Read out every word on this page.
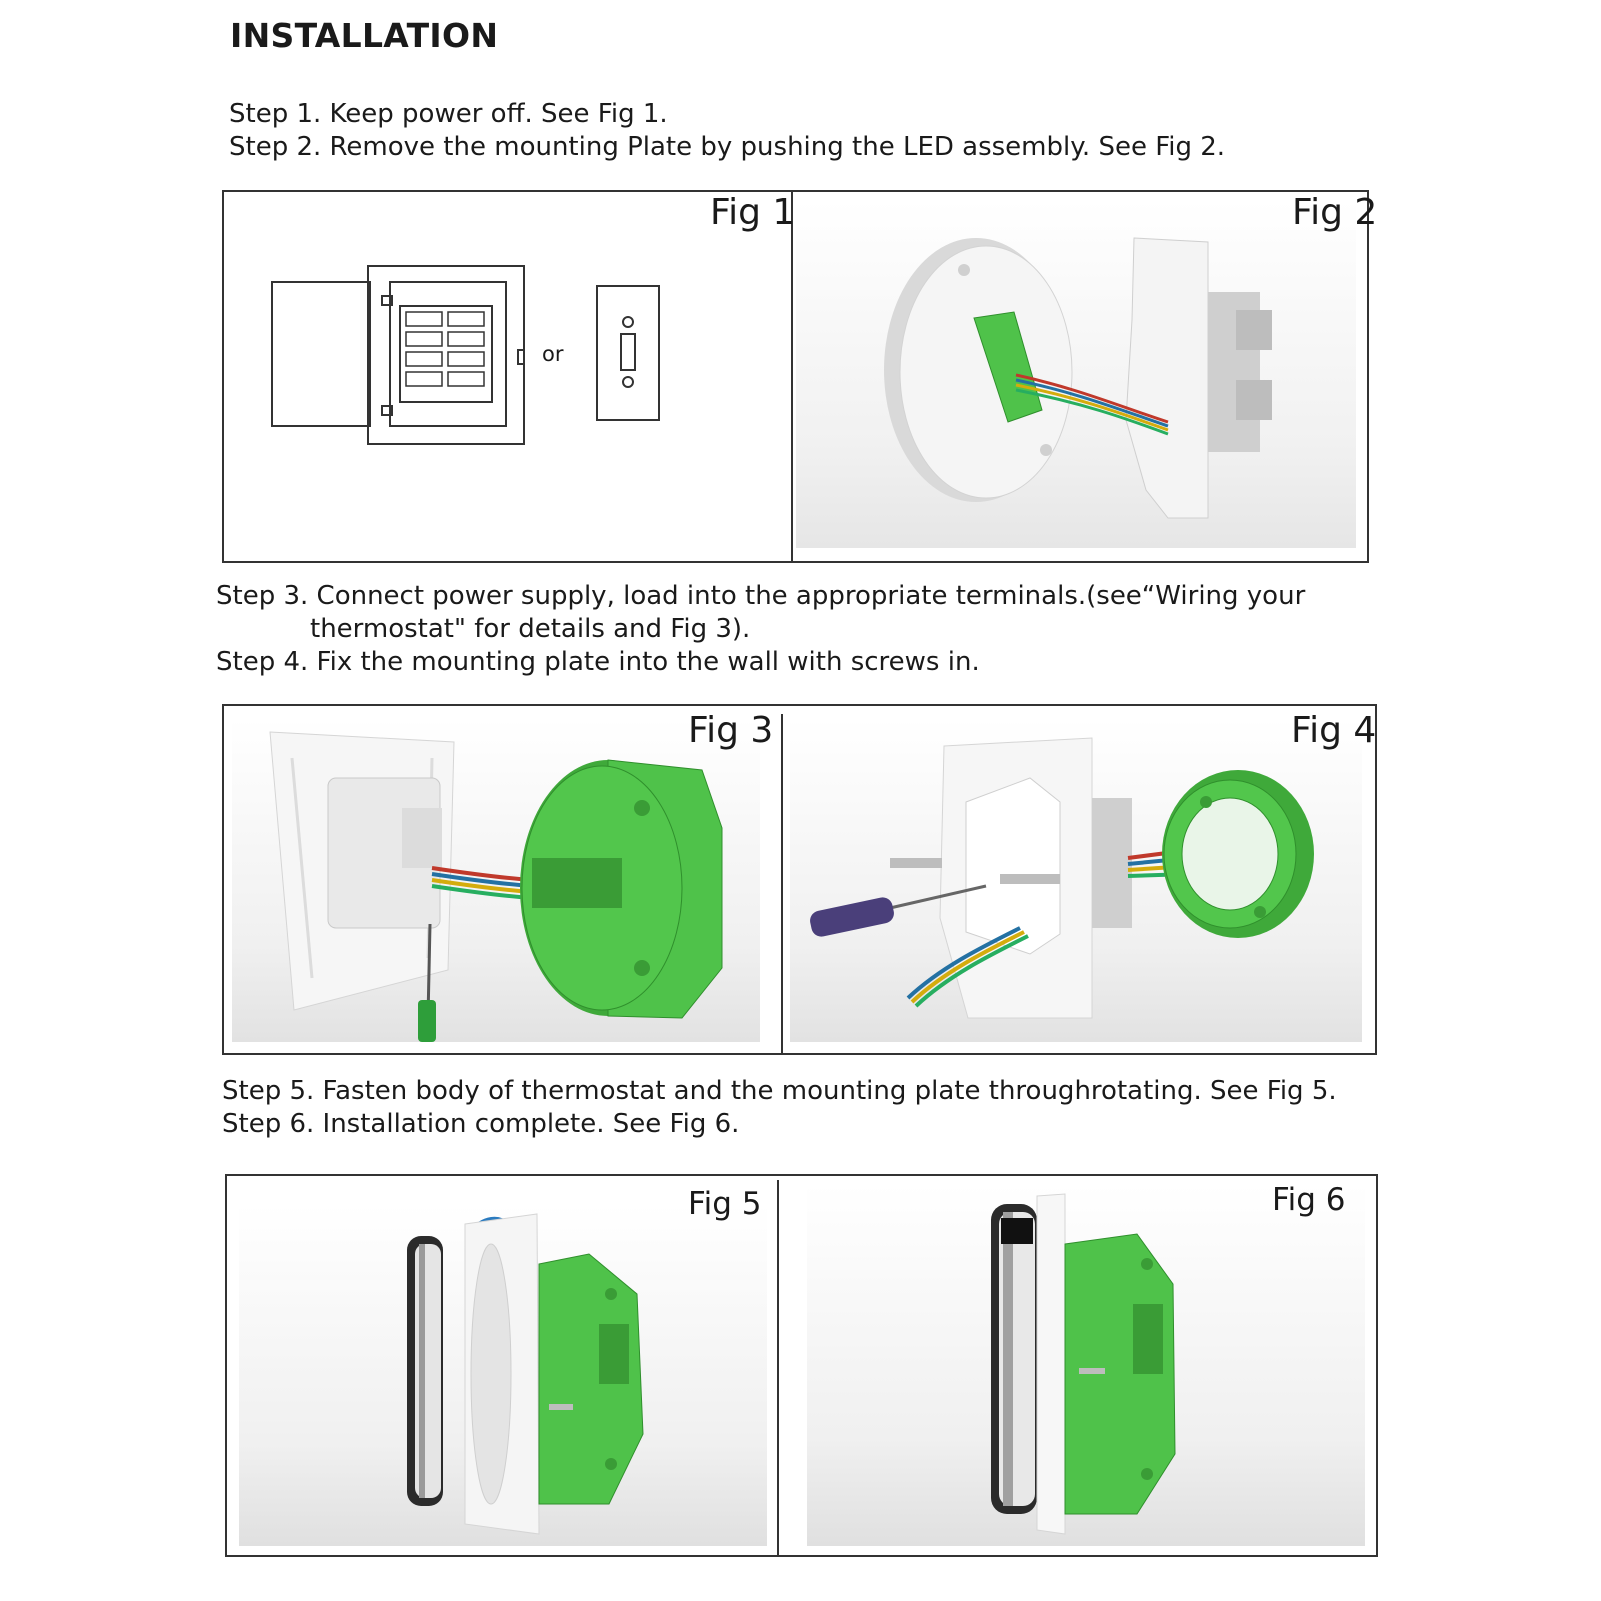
INSTALLATION
Step 1. Keep power off. See Fig 1.
Step 2. Remove the mounting Plate by pushing the LED assembly. See Fig 2.
or
Fig 1	Fig 2
Step 3. Connect power supply, load into the appropriate terminals.(see“Wiring your
thermostat" for details and Fig 3).
Step 4. Fix the mounting plate into the wall with screws in.
Fig 3	Fig 4
Step 5. Fasten body of thermostat and the mounting plate throughrotating. See Fig 5.
Step 6. Installation complete. See Fig 6.
Fig 5	Fig 6
